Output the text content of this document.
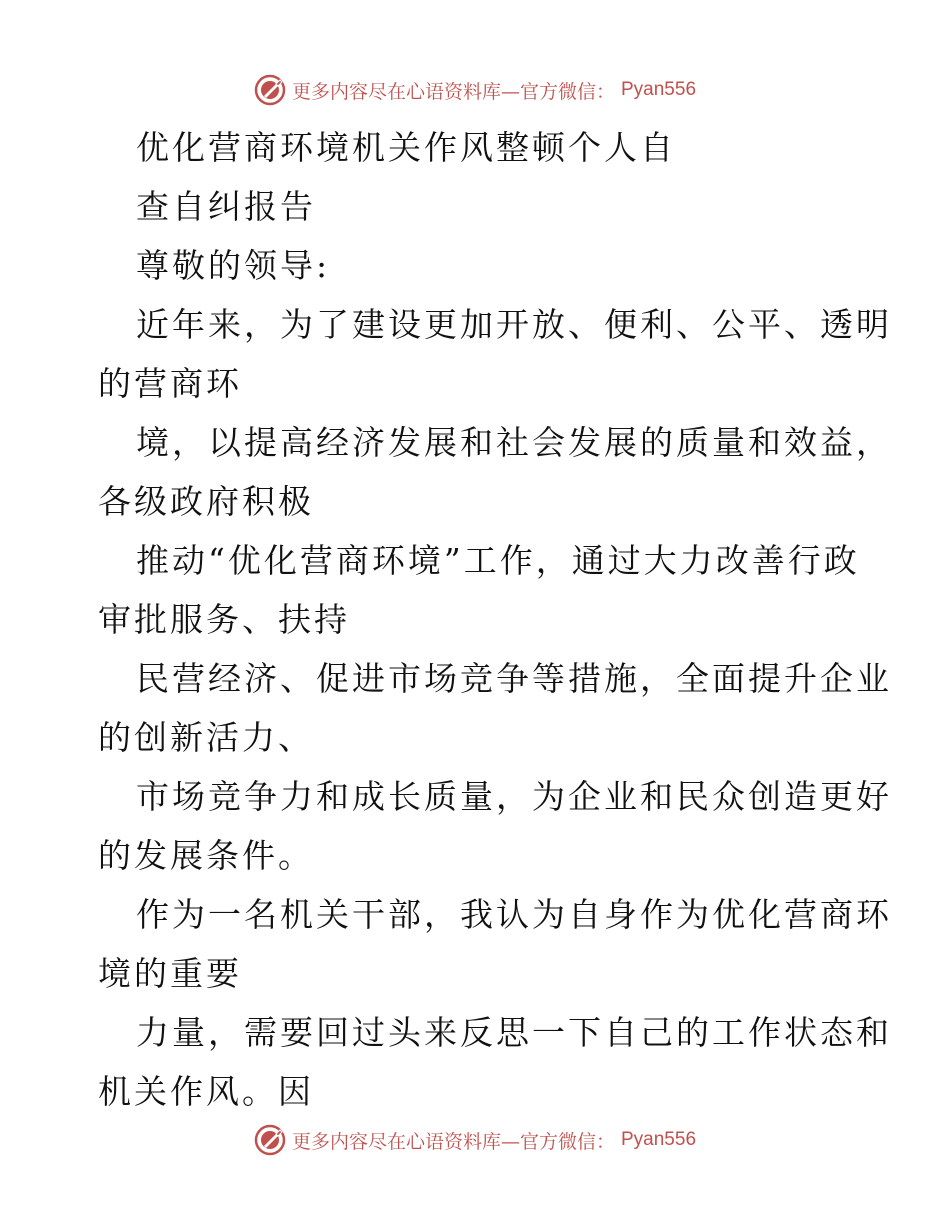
更多内容尽在心语资料库—官方微信： Pyan556
优化营商环境机关作风整顿个人自
查自纠报告
尊敬的领导:
近年来，为了建设更加开放、便利、公平、透明
的营商环
境，以提高经济发展和社会发展的质量和效益，
各级政府积极
推动“优化营商环境”工作，通过大力改善行政
审批服务、扶持
民营经济、促进市场竞争等措施，全面提升企业
的创新活力、
市场竞争力和成长质量，为企业和民众创造更好
的发展条件。
作为一名机关干部，我认为自身作为优化营商环
境的重要
力量，需要回过头来反思一下自己的工作状态和
机关作风。因
更多内容尽在心语资料库—官方微信： Pyan556
